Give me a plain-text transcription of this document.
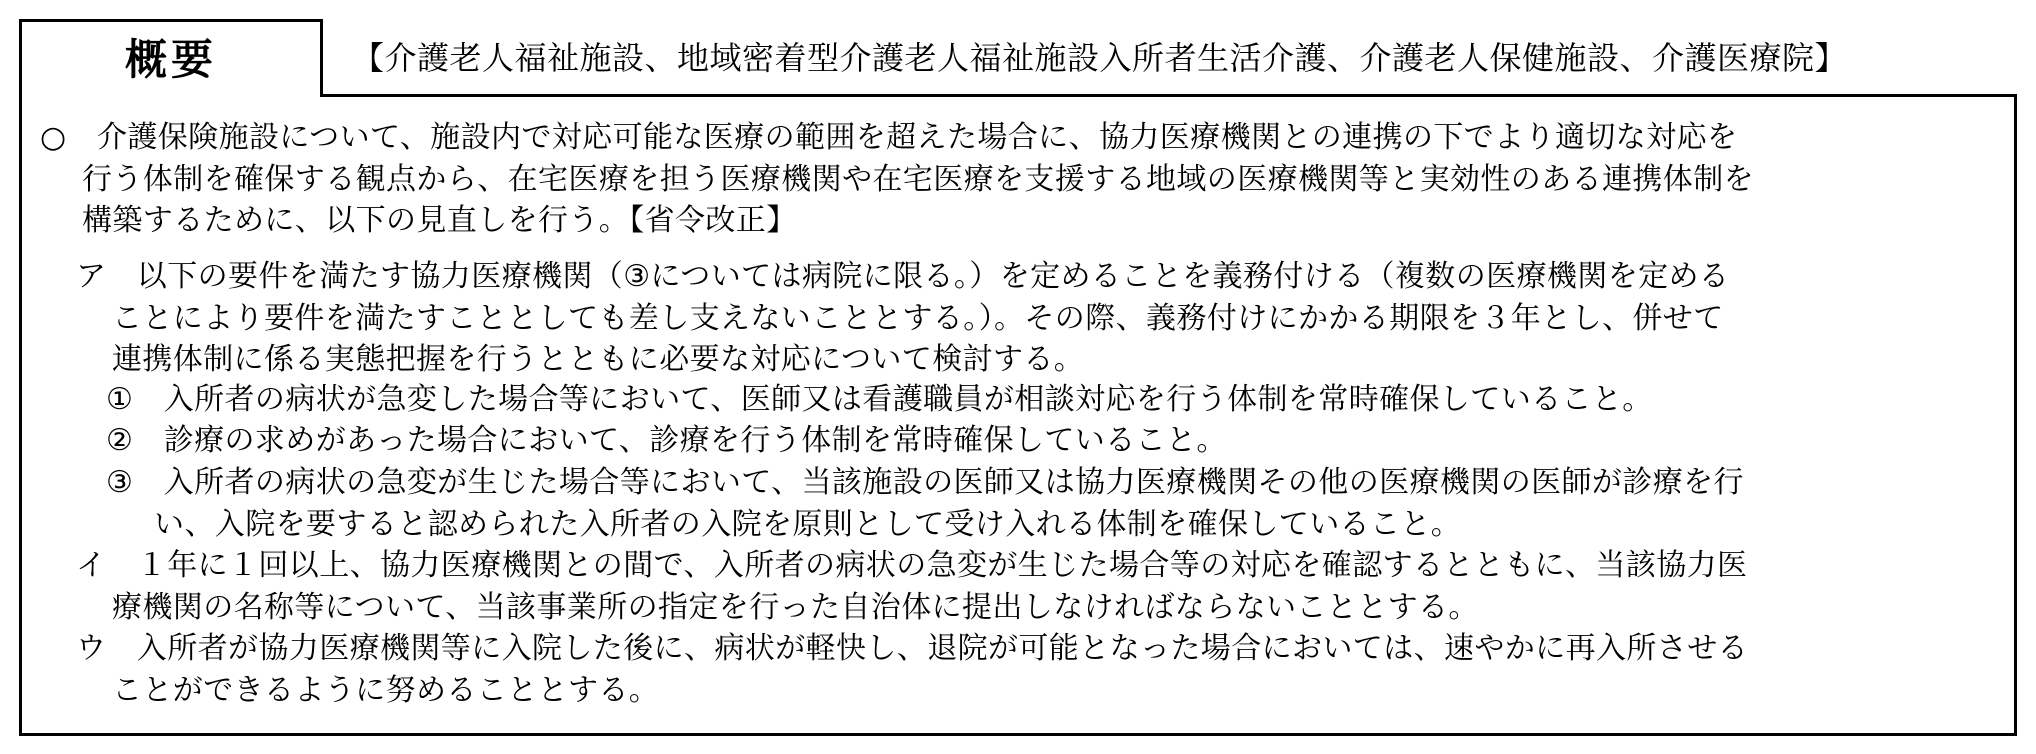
概要	【介護老人福祉施設、地域密着型介護老人福祉施設入所者生活介護、介護老人保健施設、介護医療院】

○　介護保険施設について、施設内で対応可能な医療の範囲を超えた場合に、協力医療機関との連携の下でより適切な対応を
行う体制を確保する観点から、在宅医療を担う医療機関や在宅医療を支援する地域の医療機関等と実効性のある連携体制を
構築するために、以下の見直しを行う。【省令改正】

ア　以下の要件を満たす協力医療機関（③については病院に限る。）を定めることを義務付ける（複数の医療機関を定める
ことにより要件を満たすこととしても差し支えないこととする。）。その際、義務付けにかかる期限を３年とし、併せて
連携体制に係る実態把握を行うとともに必要な対応について検討する。

①　入所者の病状が急変した場合等において、医師又は看護職員が相談対応を行う体制を常時確保していること。

②　診療の求めがあった場合において、診療を行う体制を常時確保していること。

③　入所者の病状の急変が生じた場合等において、当該施設の医師又は協力医療機関その他の医療機関の医師が診療を行
い、入院を要すると認められた入所者の入院を原則として受け入れる体制を確保していること。

イ　１年に１回以上、協力医療機関との間で、入所者の病状の急変が生じた場合等の対応を確認するとともに、当該協力医
療機関の名称等について、当該事業所の指定を行った自治体に提出しなければならないこととする。

ウ　入所者が協力医療機関等に入院した後に、病状が軽快し、退院が可能となった場合においては、速やかに再入所させる
ことができるように努めることとする。
